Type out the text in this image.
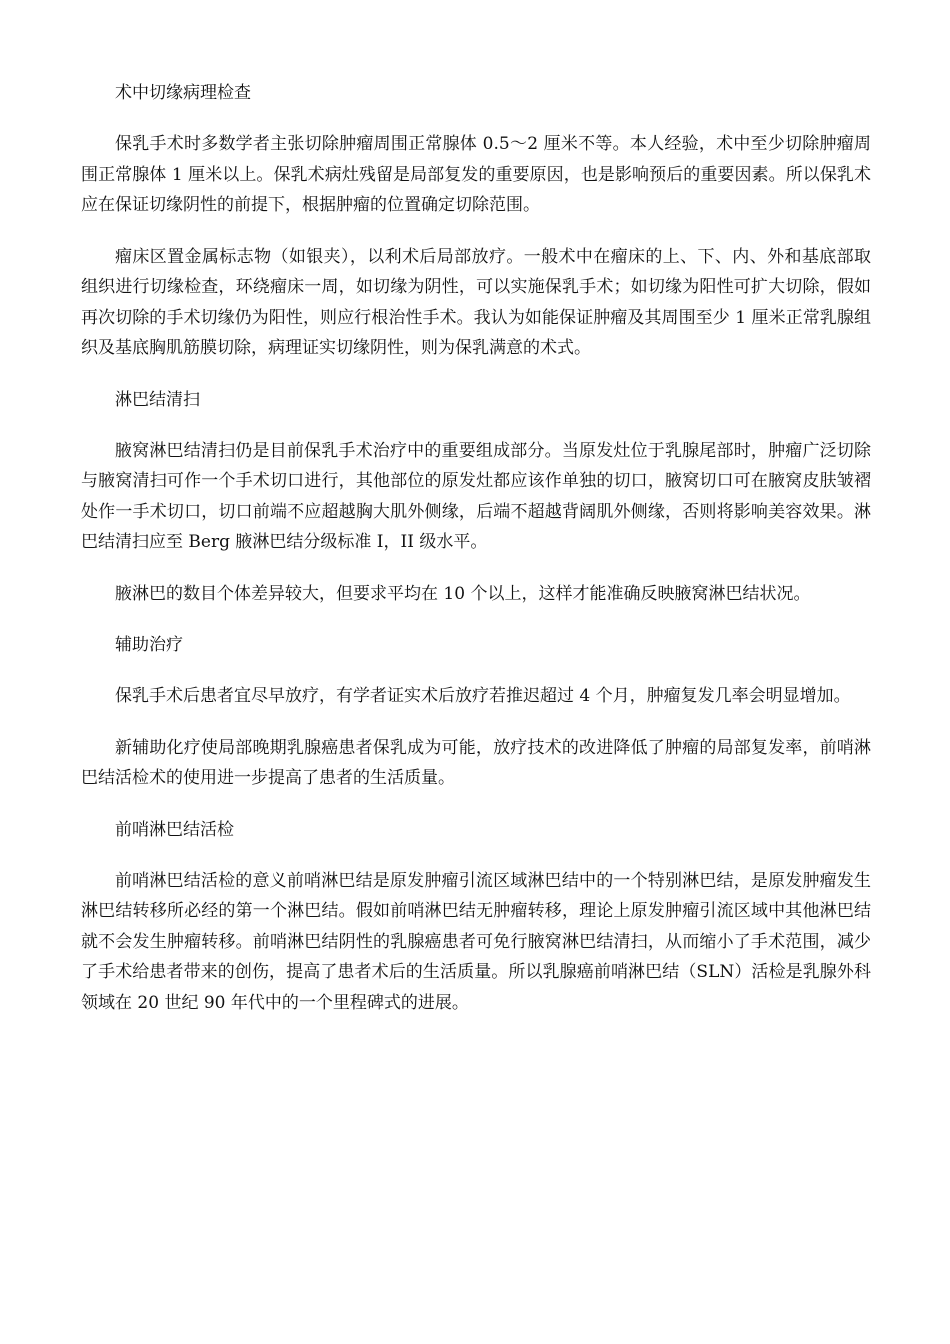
术中切缘病理检查

保乳手术时多数学者主张切除肿瘤周围正常腺体 0.5～2 厘米不等。本人经验，术中至少切除肿瘤周围正常腺体 1 厘米以上。保乳术病灶残留是局部复发的重要原因，也是影响预后的重要因素。所以保乳术应在保证切缘阴性的前提下，根据肿瘤的位置确定切除范围。

瘤床区置金属标志物（如银夹），以利术后局部放疗。一般术中在瘤床的上、下、内、外和基底部取组织进行切缘检查，环绕瘤床一周，如切缘为阴性，可以实施保乳手术；如切缘为阳性可扩大切除，假如再次切除的手术切缘仍为阳性，则应行根治性手术。我认为如能保证肿瘤及其周围至少 1 厘米正常乳腺组织及基底胸肌筋膜切除，病理证实切缘阴性，则为保乳满意的术式。

淋巴结清扫

腋窝淋巴结清扫仍是目前保乳手术治疗中的重要组成部分。当原发灶位于乳腺尾部时，肿瘤广泛切除与腋窝清扫可作一个手术切口进行，其他部位的原发灶都应该作单独的切口，腋窝切口可在腋窝皮肤皱褶处作一手术切口，切口前端不应超越胸大肌外侧缘，后端不超越背阔肌外侧缘，否则将影响美容效果。淋巴结清扫应至 Berg 腋淋巴结分级标准 I，II 级水平。

腋淋巴的数目个体差异较大，但要求平均在 10 个以上，这样才能准确反映腋窝淋巴结状况。

辅助治疗

保乳手术后患者宜尽早放疗，有学者证实术后放疗若推迟超过 4 个月，肿瘤复发几率会明显增加。

新辅助化疗使局部晚期乳腺癌患者保乳成为可能，放疗技术的改进降低了肿瘤的局部复发率，前哨淋巴结活检术的使用进一步提高了患者的生活质量。

前哨淋巴结活检

前哨淋巴结活检的意义前哨淋巴结是原发肿瘤引流区域淋巴结中的一个特别淋巴结，是原发肿瘤发生淋巴结转移所必经的第一个淋巴结。假如前哨淋巴结无肿瘤转移，理论上原发肿瘤引流区域中其他淋巴结就不会发生肿瘤转移。前哨淋巴结阴性的乳腺癌患者可免行腋窝淋巴结清扫，从而缩小了手术范围，减少了手术给患者带来的创伤，提高了患者术后的生活质量。所以乳腺癌前哨淋巴结（SLN）活检是乳腺外科领域在 20 世纪 90 年代中的一个里程碑式的进展。
